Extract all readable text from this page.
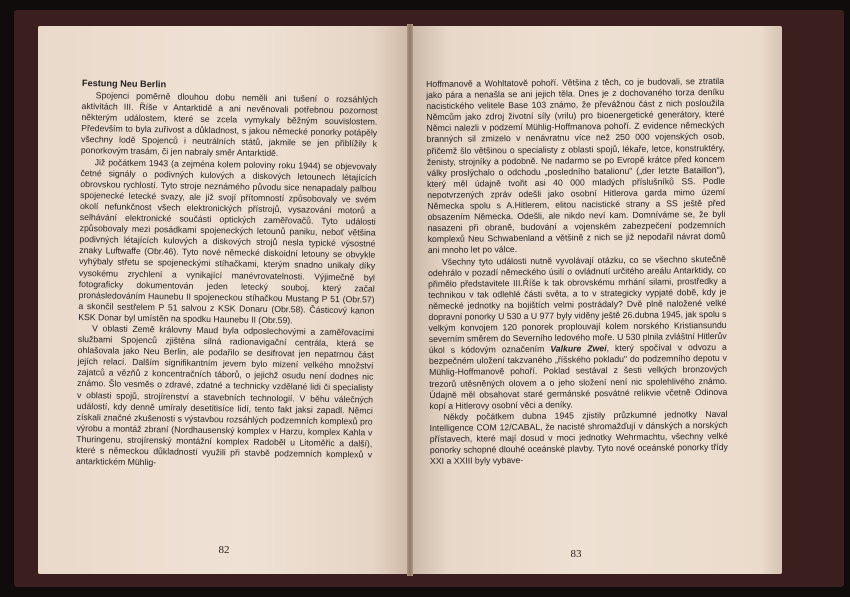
Festung Neu Berlin

Spojenci poměrně dlouhou dobu neměli ani tušení o rozsáhlých aktivitách III. Říše v Antarktidě a ani nevěnovali potřebnou pozornost některým událostem, které se zcela vymykaly běžným souvislostem. Především to byla zuřivost a důkladnost, s jakou německé ponorky potápěly všechny lodě Spojenců i neutrálních států, jakmile se jen přiblížily k ponorkovým trasám, či jen nabraly směr Antarktidě.

Již počátkem 1943 (a zejména kolem poloviny roku 1944) se objevovaly četné signály o podivných kulových a diskových letounech létajících obrovskou rychlostí. Tyto stroje neznámého původu sice nenapadaly palbou spojenecké letecké svazy, ale již svojí přítomností způsobovaly ve svém okolí nefunkčnost všech elektronických přístrojů, vysazování motorů a selhávání elektronické součásti optických zaměřovačů. Tyto události způsobovaly mezi posádkami spojeneckých letounů paniku, neboť většina podivných létajících kulových a diskových strojů nesla typické výsostné znaky Luftwaffe (Obr.46). Tyto nové německé diskoidní letouny se obvykle vyhýbaly střetu se spojeneckými stíhačkami, kterým snadno unikaly díky vysokému zrychlení a vynikající manévrovatelnosti. Výjimečně byl fotograficky dokumentován jeden letecký souboj, který začal pronásledováním Haunebu II spojeneckou stíhačkou Mustang P 51 (Obr.57) a skončil sestřelem P 51 salvou z KSK Donaru (Obr.58). Částicový kanon KSK Donar byl umístěn na spodku Haunebu II (Obr.59).

V oblasti Země královny Maud byla odposlechovými a zaměřovacími službami Spojenců zjištěna silná radionavigační centrála, která se ohlašovala jako Neu Berlin, ale podařilo se desifrovat jen nepatrnou část jejích relací. Dalším signifikantním jevem bylo mizení velkého množství zajatců a vězňů z koncentračních táborů, o jejichž osudu není dodnes nic známo. Šlo vesměs o zdravé, zdatné a technicky vzdělané lidi či specialisty v oblasti spojů, strojírenství a stavebních technologií. V běhu válečných událostí, kdy denně umíraly desetitisíce lidí, tento fakt jaksi zapadl. Němci získali značné zkušenosti s výstavbou rozsáhlých podzemních komplexů pro výrobu a montáž zbraní (Nordhausenský komplex v Harzu, komplex Kahla v Thuringenu, strojírenský montážní komplex Radoběl u Litoměřic a další), které s německou důkladností využili při stavbě podzemních komplexů v antarktickém Mühlig-

82

Hoffmanově a Wohltatově pohoří. Většina z těch, co je budovali, se ztratila jako pára a nenašla se ani jejich těla. Dnes je z dochovaného torza deníku nacistického velitele Base 103 známo, že převážnou část z nich posloužila Němcům jako zdroj životní síly (vrilu) pro bioenergetické generátory, které Němci nalezli v podzemí Mühlig-Hoffmanova pohoří. Z evidence německých branných sil zmizelo v nenávratnu více než 250 000 vojenských osob, přičemž šlo většinou o specialisty z oblasti spojů, lékaře, letce, konstruktéry, ženisty, strojníky a podobně. Ne nadarmo se po Evropě krátce před koncem války proslýchalo o odchodu „posledního batalionu" („der letzte Bataillon"), který měl údajně tvořit asi 40 000 mladých příslušníků SS. Podle nepotvrzených zpráv odešli jako osobní Hitlerova garda mimo území Německa spolu s A.Hitlerem, elitou nacistické strany a SS ještě před obsazením Německa. Odešli, ale nikdo neví kam. Domníváme se, že byli nasazeni při obraně, budování a vojenském zabezpečení podzemních komplexů Neu Schwabenland a většině z nich se již nepodařil návrat domů ani mnoho let po válce.

Všechny tyto události nutně vyvolávají otázku, co se všechno skutečně odehrálo v pozadí německého úsilí o ovládnutí určitého areálu Antarktidy, co přimělo představitele III.Říše k tak obrovskému mrhání silami, prostředky a technikou v tak odlehlé části světa, a to v strategicky vypjaté době, kdy je německé jednotky na bojištích velmi postrádaly? Dvě plně naložené velké dopravní ponorky U 530 a U 977 byly viděny ještě 26.dubna 1945, jak spolu s velkým konvojem 120 ponorek proplouvají kolem norského Kristiansundu severním směrem do Severního ledového moře. U 530 plnila zvláštní Hitlerův úkol s kódovým označením Valkure Zwei, který spočíval v odvozu a bezpečném uložení takzvaného „říšského pokladu" do podzemního depotu v Mühlig-Hoffmanově pohoří. Poklad sestával z šesti velkých bronzových trezorů utěsněných olovem a o jeho složení není nic spolehlivého známo. Údajně měl obsahovat staré germánské posvátné relikvie včetně Odinova kopí a Hitlerovy osobní věci a deníky.

Někdy počátkem dubna 1945 zjistily průzkumné jednotky Naval Intelligence COM 12/CABAL, že nacisté shromažďují v dánských a norských přístavech, které mají dosud v moci jednotky Wehrmachtu, všechny velké ponorky schopné dlouhé oceánské plavby. Tyto nové oceánské ponorky třídy XXI a XXIII byly vybave-

83
